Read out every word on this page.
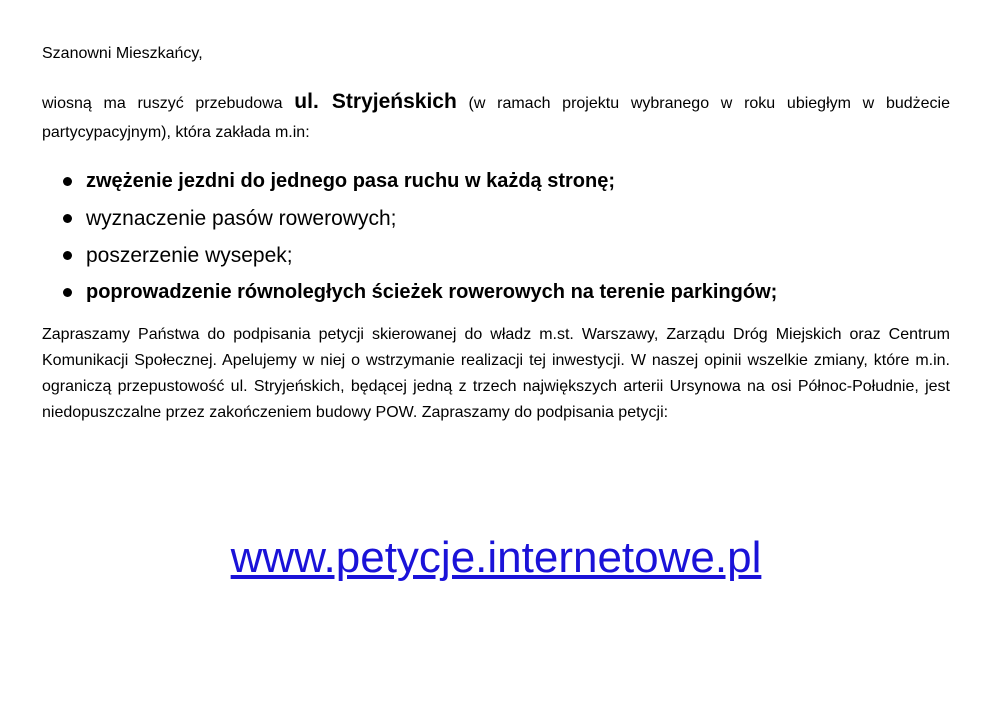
Szanowni Mieszkańcy,
wiosną ma ruszyć przebudowa ul. Stryjeńskich (w ramach projektu wybranego w roku ubiegłym w budżecie partycypacyjnym), która zakłada m.in:
zwężenie jezdni do jednego pasa ruchu w każdą stronę;
wyznaczenie pasów rowerowych;
poszerzenie wysepek;
poprowadzenie równoległych ścieżek rowerowych na terenie parkingów;
Zapraszamy Państwa do podpisania petycji skierowanej do władz m.st. Warszawy, Zarządu Dróg Miejskich oraz Centrum Komunikacji Społecznej. Apelujemy w niej o wstrzymanie realizacji tej inwestycji. W naszej opinii wszelkie zmiany, które m.in. ograniczą przepustowość ul. Stryjeńskich, będącej jedną z trzech największych arterii Ursynowa na osi Północ-Południe, jest niedopuszczalne przez zakończeniem budowy POW. Zapraszamy do podpisania petycji:
www.petycje.internetowe.pl
